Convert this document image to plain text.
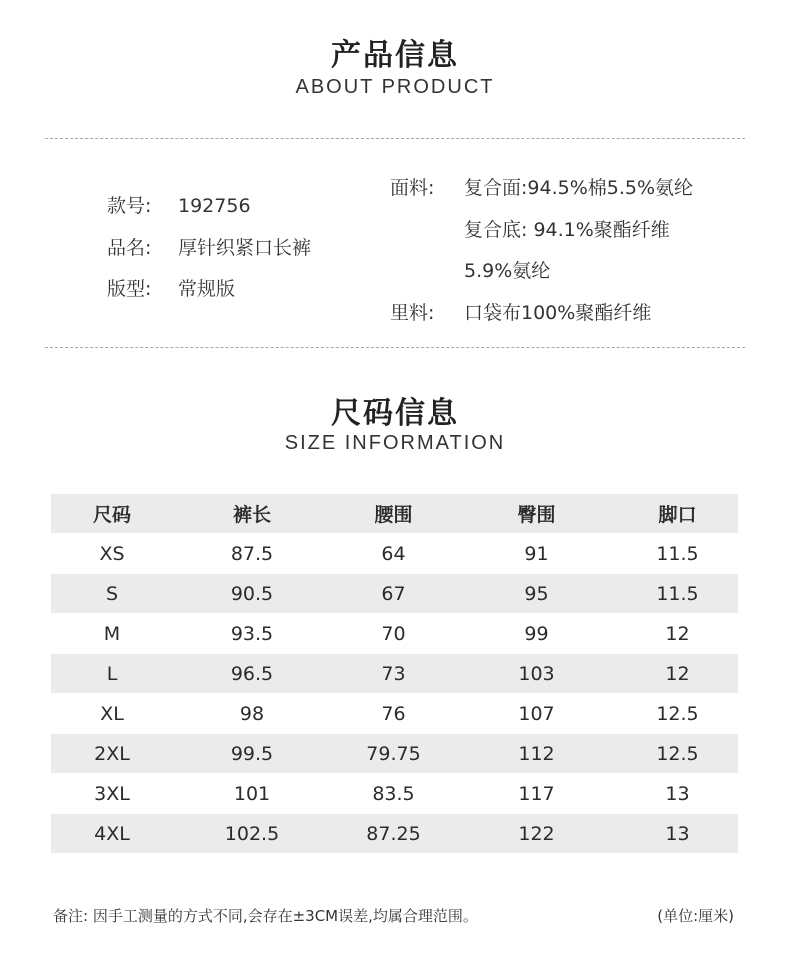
产品信息
ABOUT PRODUCT
款号: 192756
品名: 厚针织紧口长裤
版型: 常规版
面料: 复合面:94.5%棉5.5%氨纶
复合底: 94.1%聚酯纤维
5.9%氨纶
里料: 口袋布100%聚酯纤维
尺码信息
SIZE INFORMATION
尺码	裤长	腰围	臀围	脚口
XS	87.5	64	91	11.5
S	90.5	67	95	11.5
M	93.5	70	99	12
L	96.5	73	103	12
XL	98	76	107	12.5
2XL	99.5	79.75	112	12.5
3XL	101	83.5	117	13
4XL	102.5	87.25	122	13
备注: 因手工测量的方式不同,会存在±3CM误差,均属合理范围。	(单位:厘米)
